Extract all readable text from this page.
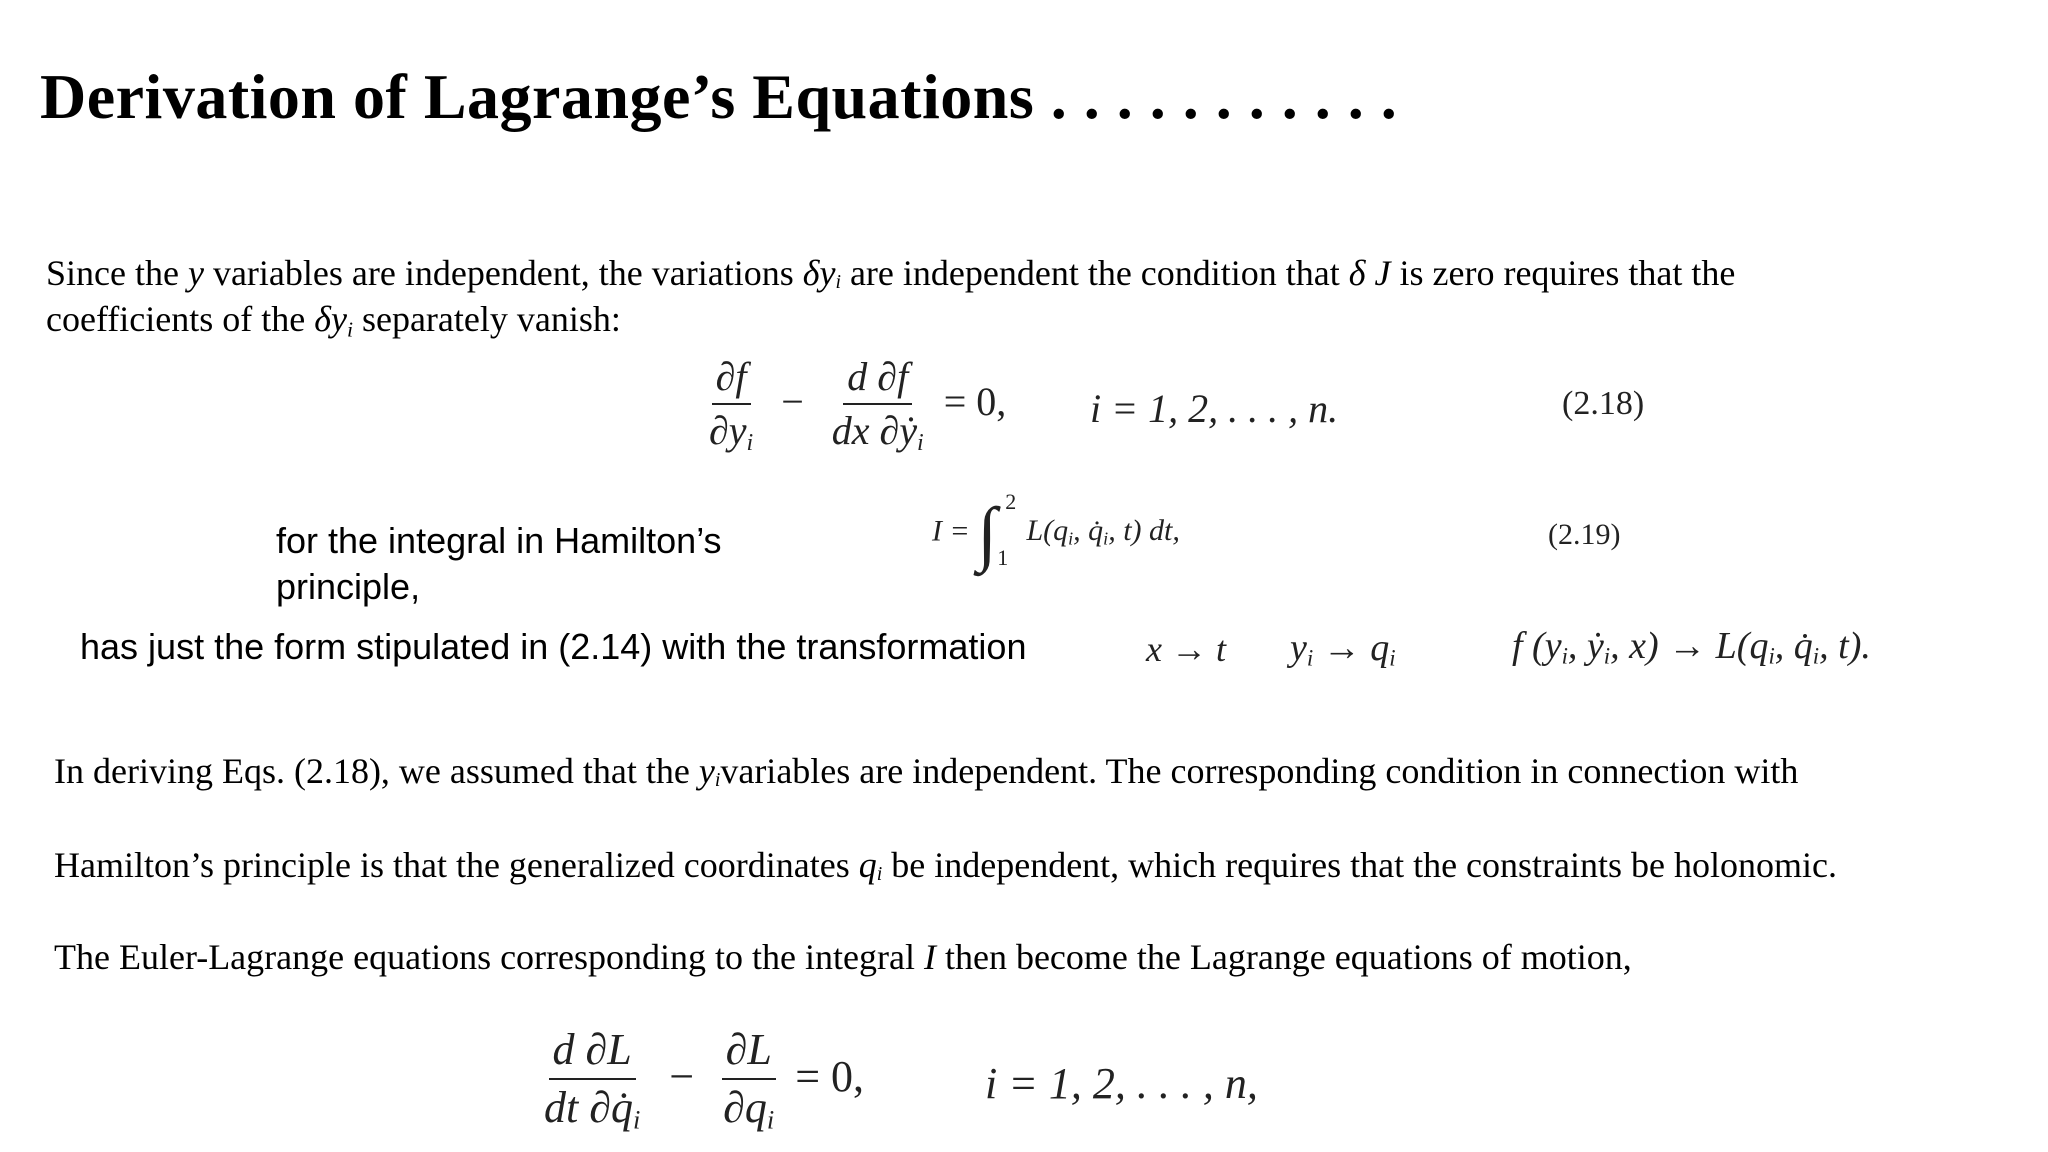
Derivation of Lagrange’s Equations . . . . . . . . . . .
Since the y variables are independent, the variations δyi are independent the condition that δ J is zero requires that the
coefficients of the $\delta y_i$ separately vanish:
$\frac{\partial f}{\partial y_i} - \frac{d \partial f}{dx \partial ẏ_i} = 0$, i = 1, 2, . . . , n.	(2.18)
for the integral in Hamilton’s
principle,
I = ∫ 2
1
$L(q_i$, $q̇_i$, t) dt,	(2.19)
has just the form stipulated in (2.14) with the transformation	x → t $y_i \to q_i$	f ($y_i$, ẏ$_i$, $x) \to L(q_i$, $q̇_i$, t).
In deriving Eqs. (2.18), we assumed that the yivariables are independent. The corresponding condition in connection with
Hamilton’s principle is that the generalized coordinates qi be independent, which requires that the constraints be holonomic.
The Euler-Lagrange equations corresponding to the integral I then become the Lagrange equations of motion,
$\frac{d \partial L}{dt \partial q̇_i} - \frac{\partial L}{\partial q_i} = 0$,	i = 1, 2, . . . , n,
